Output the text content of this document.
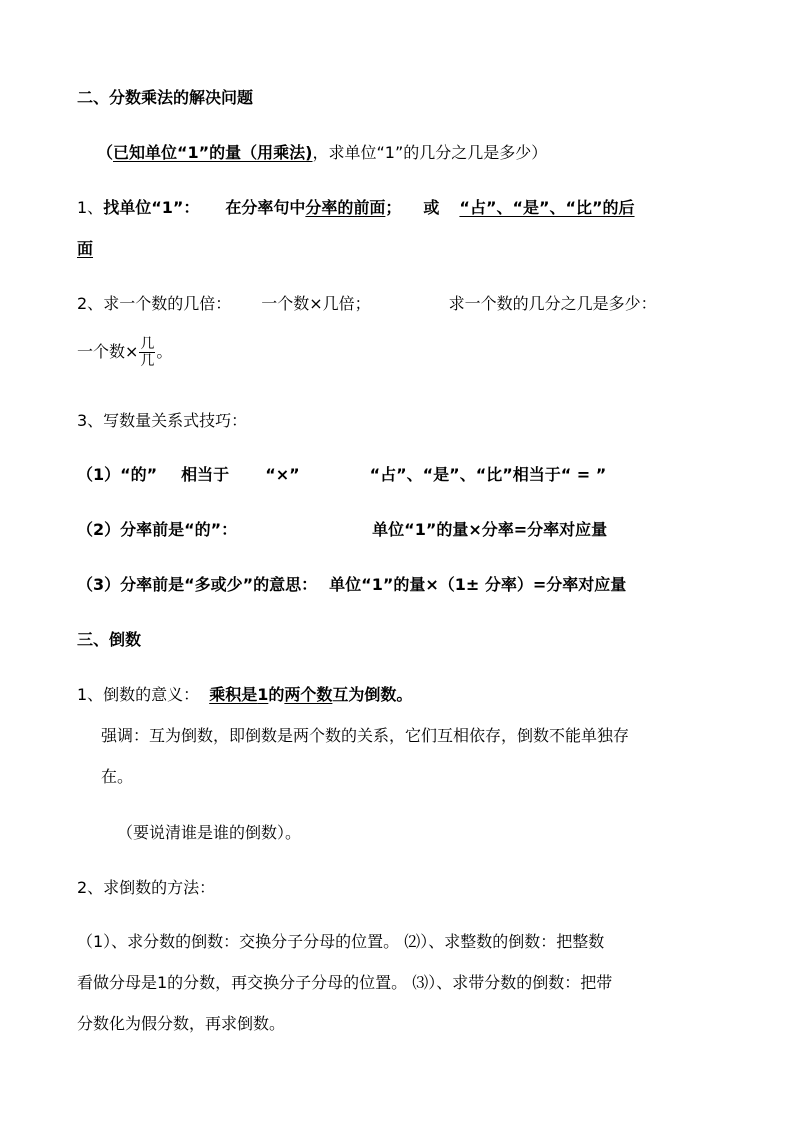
二、分数乘法的解决问题
（已知单位“1”的量（用乘法)，求单位“1”的几分之几是多少）
1、找单位“1”： 在分率句中分率的前面； 或 “占”、“是”、“比”的后
面
2、求一个数的几倍： 一个数×几倍；	求一个数的几分之几是多少：
一个数× $\frac{\text{几}}{\text{几}}$ 。
3、写数量关系式技巧：
（1）“的” 相当于 “×”	“占”、“是”、“比”相当于“ = ”
（2）分率前是“的”：	单位“1”的量×分率=分率对应量
（3）分率前是“多或少”的意思： 单位“1”的量×（1± 分率）=分率对应量
三、倒数
1、倒数的意义： 乘积是1的两个数互为倒数。
强调：互为倒数，即倒数是两个数的关系，它们互相依存，倒数不能单独存
在。
（要说清谁是谁的倒数）。
2、求倒数的方法：
（1）、求分数的倒数：交换分子分母的位置。 ⑵）、求整数的倒数：把整数
看做分母是1的分数，再交换分子分母的位置。 ⑶）、求带分数的倒数：把带
分数化为假分数，再求倒数。
